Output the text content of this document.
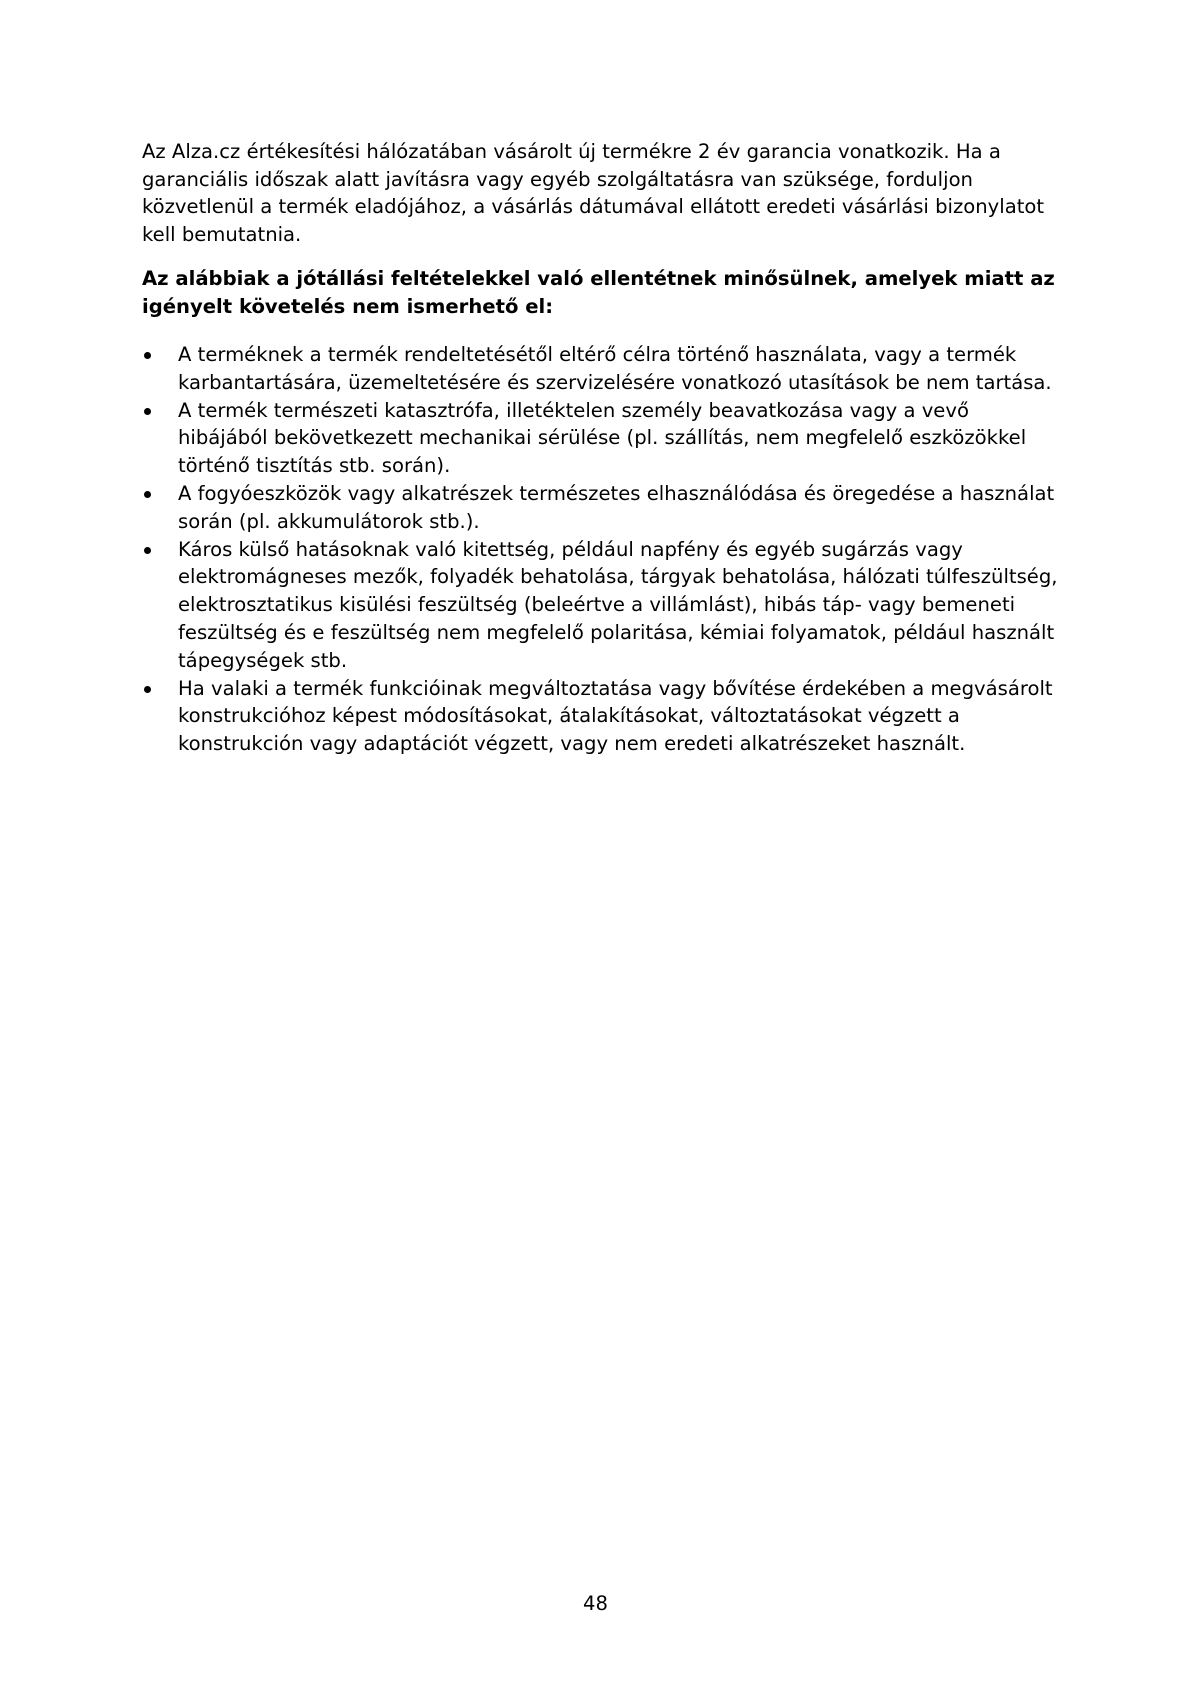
Az Alza.cz értékesítési hálózatában vásárolt új termékre 2 év garancia vonatkozik. Ha a garanciális időszak alatt javításra vagy egyéb szolgáltatásra van szüksége, forduljon közvetlenül a termék eladójához, a vásárlás dátumával ellátott eredeti vásárlási bizonylatot kell bemutatnia.

Az alábbiak a jótállási feltételekkel való ellentétnek minősülnek, amelyek miatt az igényelt követelés nem ismerhető el:

A terméknek a termék rendeltetésétől eltérő célra történő használata, vagy a termék karbantartására, üzemeltetésére és szervizelésére vonatkozó utasítások be nem tartása.
A termék természeti katasztrófa, illetéktelen személy beavatkozása vagy a vevő hibájából bekövetkezett mechanikai sérülése (pl. szállítás, nem megfelelő eszközökkel történő tisztítás stb. során).
A fogyóeszközök vagy alkatrészek természetes elhasználódása és öregedése a használat során (pl. akkumulátorok stb.).
Káros külső hatásoknak való kitettség, például napfény és egyéb sugárzás vagy elektromágneses mezők, folyadék behatolása, tárgyak behatolása, hálózati túlfeszültség, elektrosztatikus kisülési feszültség (beleértve a villámlást), hibás táp- vagy bemeneti feszültség és e feszültség nem megfelelő polaritása, kémiai folyamatok, például használt tápegységek stb.
Ha valaki a termék funkcióinak megváltoztatása vagy bővítése érdekében a megvásárolt konstrukcióhoz képest módosításokat, átalakításokat, változtatásokat végzett a konstrukción vagy adaptációt végzett, vagy nem eredeti alkatrészeket használt.
48
